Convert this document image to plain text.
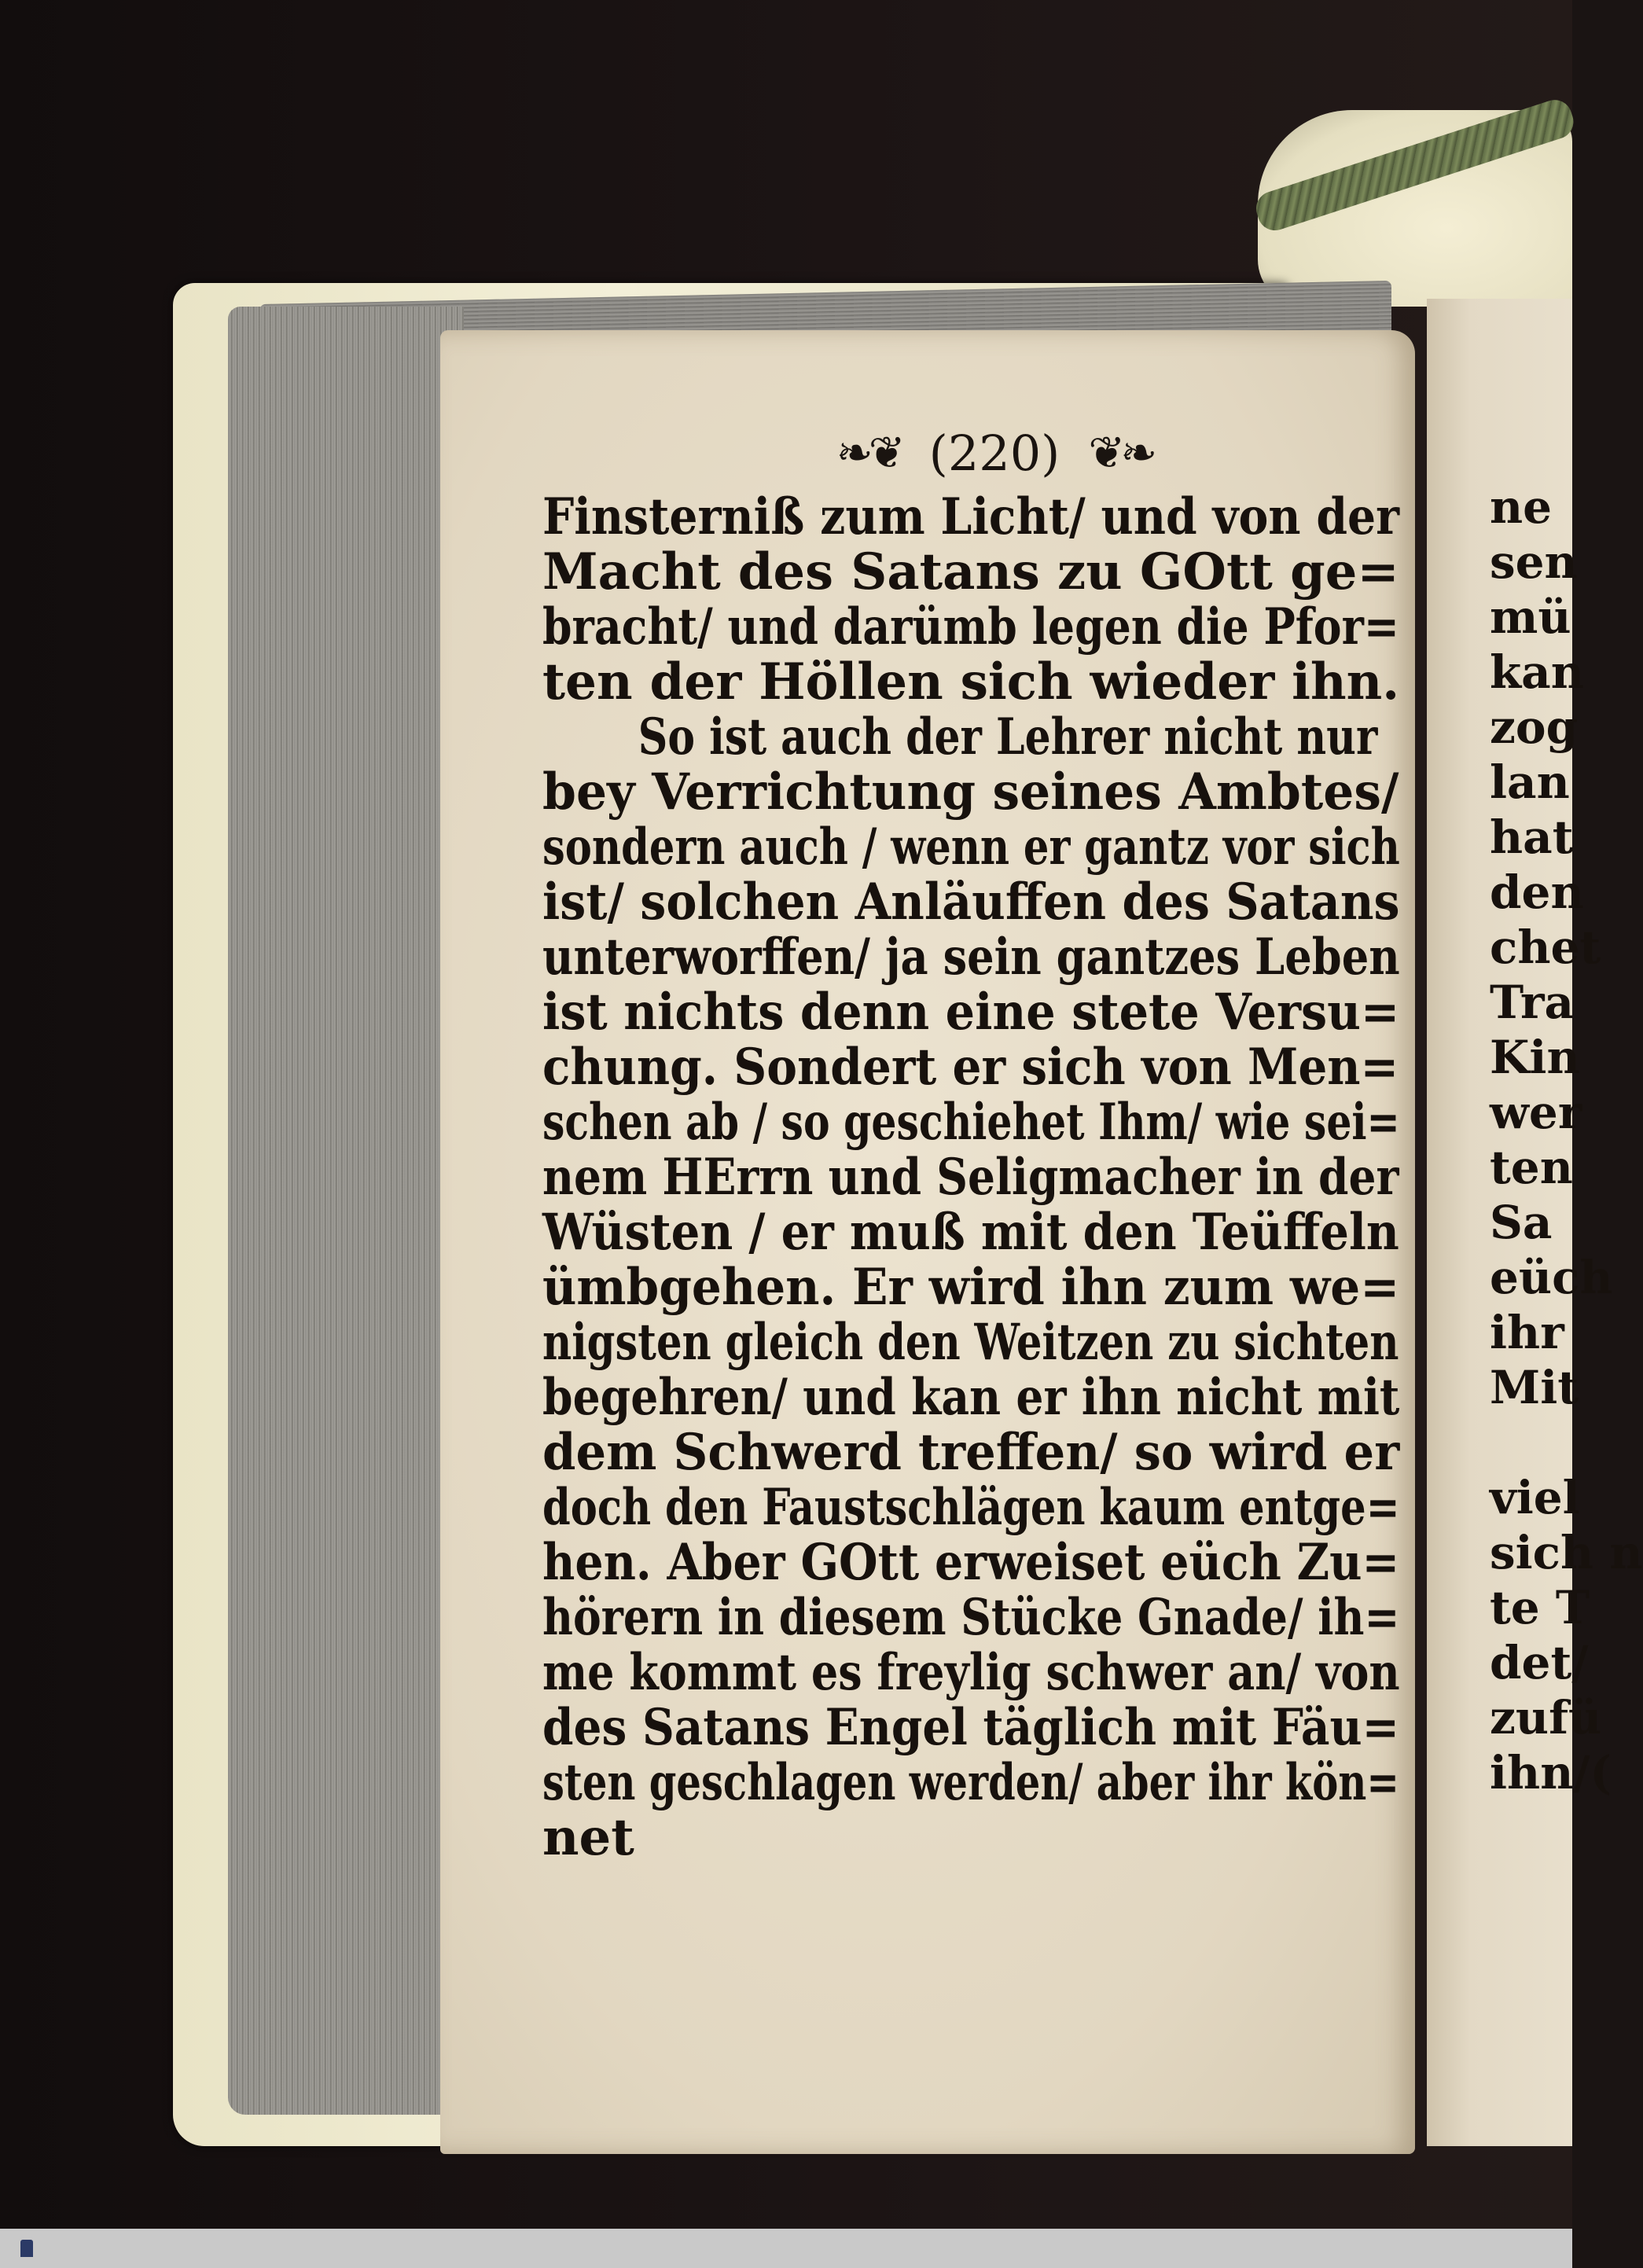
❧❦ (220) ❦❧
Finsterniß zum Licht/ und von der
Macht des Satans zu GOtt ge=
bracht/ und darümb legen die Pfor=
ten der Höllen sich wieder ihn.
So ist auch der Lehrer nicht nur
bey Verrichtung seines Ambtes/
sondern auch / wenn er gantz vor sich
ist/ solchen Anläuffen des Satans
unterworffen/ ja sein gantzes Leben
ist nichts denn eine stete Versu=
chung. Sondert er sich von Men=
schen ab / so geschiehet Ihm/ wie sei=
nem HErrn und Seligmacher in der
Wüsten / er muß mit den Teüffeln
ümbgehen. Er wird ihn zum we=
nigsten gleich den Weitzen zu sichten
begehren/ und kan er ihn nicht mit
dem Schwerd treffen/ so wird er
doch den Faustschlägen kaum entge=
hen. Aber GOtt erweiset eüch Zu=
hörern in diesem Stücke Gnade/ ih=
me kommt es freylig schwer an/ von
des Satans Engel täglich mit Fäu=
sten geschlagen werden/ aber ihr kön=
net
ne
sen
mü
kan
zog
lan
hat
den
chet
Tra
Kin
wer
ten
Sa
eüch
ihr
Mit
viel
sich n
te T
det/
zufü
ihn/(
